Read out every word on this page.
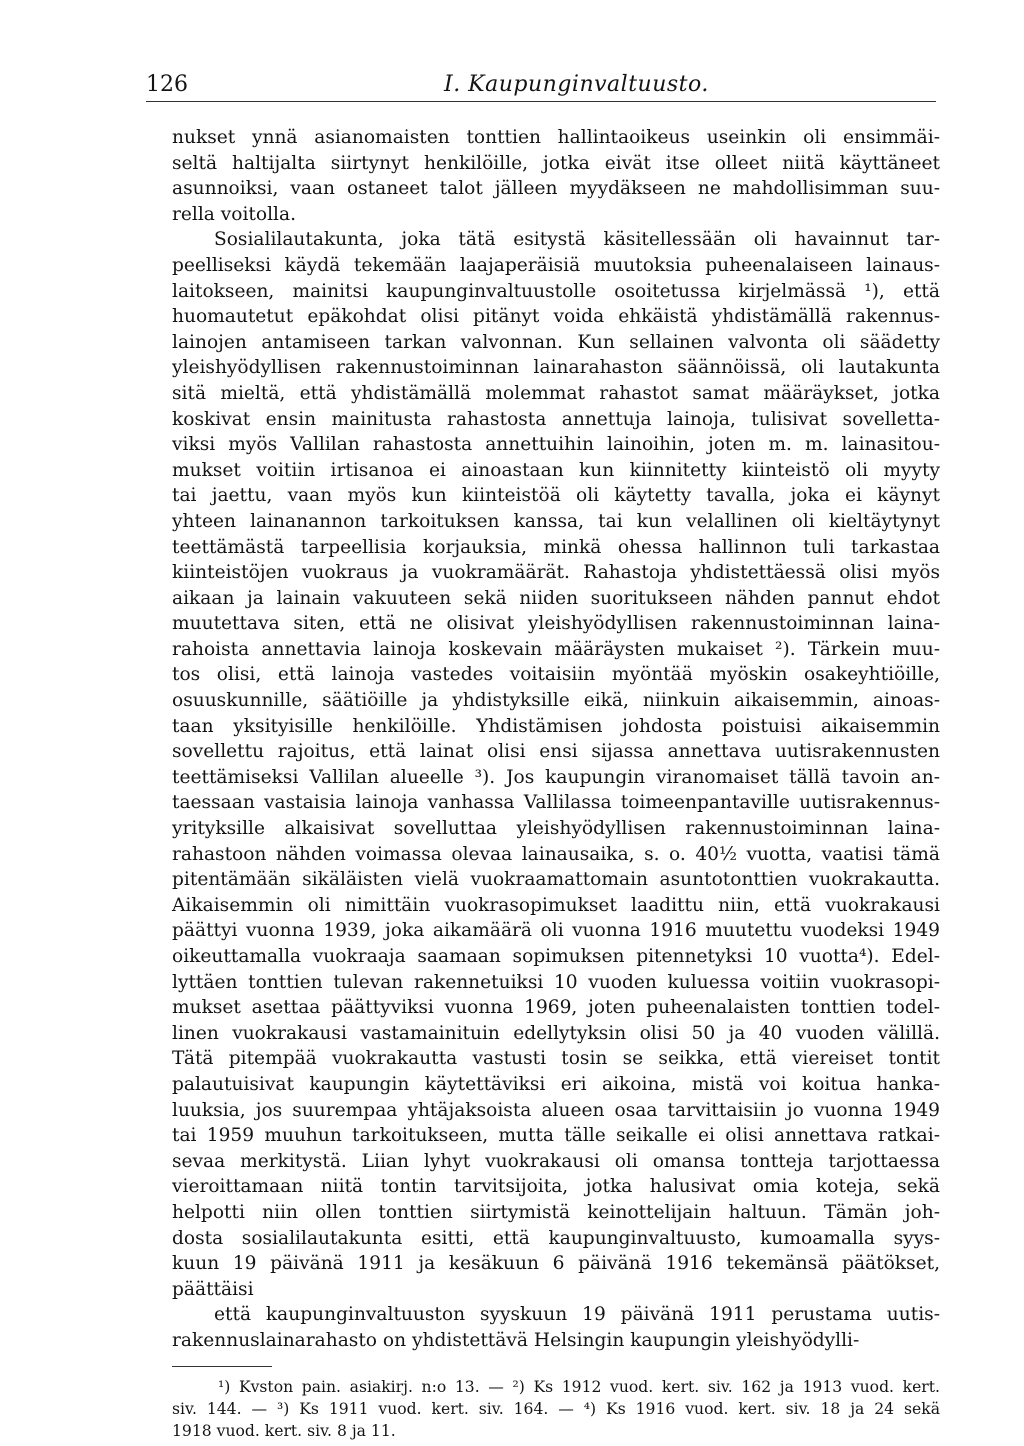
126	I. Kaupunginvaltuusto.
nukset ynnä asianomaisten tonttien hallintaoikeus useinkin oli ensimmäi-
seltä haltijalta siirtynyt henkilöille, jotka eivät itse olleet niitä käyttäneet
asunnoiksi, vaan ostaneet talot jälleen myydäkseen ne mahdollisimman suu-
rella voitolla.
Sosialilautakunta, joka tätä esitystä käsitellessään oli havainnut tar-
peelliseksi käydä tekemään laajaperäisiä muutoksia puheenalaiseen lainaus-
laitokseen, mainitsi kaupunginvaltuustolle osoitetussa kirjelmässä ¹), että
huomautetut epäkohdat olisi pitänyt voida ehkäistä yhdistämällä rakennus-
lainojen antamiseen tarkan valvonnan. Kun sellainen valvonta oli säädetty
yleishyödyllisen rakennustoiminnan lainarahaston säännöissä, oli lautakunta
sitä mieltä, että yhdistämällä molemmat rahastot samat määräykset, jotka
koskivat ensin mainitusta rahastosta annettuja lainoja, tulisivat sovelletta-
viksi myös Vallilan rahastosta annettuihin lainoihin, joten m. m. lainasitou-
mukset voitiin irtisanoa ei ainoastaan kun kiinnitetty kiinteistö oli myyty
tai jaettu, vaan myös kun kiinteistöä oli käytetty tavalla, joka ei käynyt
yhteen lainanannon tarkoituksen kanssa, tai kun velallinen oli kieltäytynyt
teettämästä tarpeellisia korjauksia, minkä ohessa hallinnon tuli tarkastaa
kiinteistöjen vuokraus ja vuokramäärät. Rahastoja yhdistettäessä olisi myös
aikaan ja lainain vakuuteen sekä niiden suoritukseen nähden pannut ehdot
muutettava siten, että ne olisivat yleishyödyllisen rakennustoiminnan laina-
rahoista annettavia lainoja koskevain määräysten mukaiset ²). Tärkein muu-
tos olisi, että lainoja vastedes voitaisiin myöntää myöskin osakeyhtiöille,
osuuskunnille, säätiöille ja yhdistyksille eikä, niinkuin aikaisemmin, ainoas-
taan yksityisille henkilöille. Yhdistämisen johdosta poistuisi aikaisemmin
sovellettu rajoitus, että lainat olisi ensi sijassa annettava uutisrakennusten
teettämiseksi Vallilan alueelle ³). Jos kaupungin viranomaiset tällä tavoin an-
taessaan vastaisia lainoja vanhassa Vallilassa toimeenpantaville uutisrakennus-
yrityksille alkaisivat sovelluttaa yleishyödyllisen rakennustoiminnan laina-
rahastoon nähden voimassa olevaa lainausaika, s. o. 40½ vuotta, vaatisi tämä
pitentämään sikäläisten vielä vuokraamattomain asuntotonttien vuokrakautta.
Aikaisemmin oli nimittäin vuokrasopimukset laadittu niin, että vuokrakausi
päättyi vuonna 1939, joka aikamäärä oli vuonna 1916 muutettu vuodeksi 1949
oikeuttamalla vuokraaja saamaan sopimuksen pitennetyksi 10 vuotta⁴). Edel-
lyttäen tonttien tulevan rakennetuiksi 10 vuoden kuluessa voitiin vuokrasopi-
mukset asettaa päättyviksi vuonna 1969, joten puheenalaisten tonttien todel-
linen vuokrakausi vastamainituin edellytyksin olisi 50 ja 40 vuoden välillä.
Tätä pitempää vuokrakautta vastusti tosin se seikka, että viereiset tontit
palautuisivat kaupungin käytettäviksi eri aikoina, mistä voi koitua hanka-
luuksia, jos suurempaa yhtäjaksoista alueen osaa tarvittaisiin jo vuonna 1949
tai 1959 muuhun tarkoitukseen, mutta tälle seikalle ei olisi annettava ratkai-
sevaa merkitystä. Liian lyhyt vuokrakausi oli omansa tontteja tarjottaessa
vieroittamaan niitä tontin tarvitsijoita, jotka halusivat omia koteja, sekä
helpotti niin ollen tonttien siirtymistä keinottelijain haltuun. Tämän joh-
dosta sosialilautakunta esitti, että kaupunginvaltuusto, kumoamalla syys-
kuun 19 päivänä 1911 ja kesäkuun 6 päivänä 1916 tekemänsä päätökset,
päättäisi
että kaupunginvaltuuston syyskuun 19 päivänä 1911 perustama uutis-
rakennuslainarahasto on yhdistettävä Helsingin kaupungin yleishyödylli-
¹) Kvston pain. asiakirj. n:o 13. — ²) Ks 1912 vuod. kert. siv. 162 ja 1913 vuod. kert.
siv. 144. — ³) Ks 1911 vuod. kert. siv. 164. — ⁴) Ks 1916 vuod. kert. siv. 18 ja 24 sekä
1918 vuod. kert. siv. 8 ja 11.
